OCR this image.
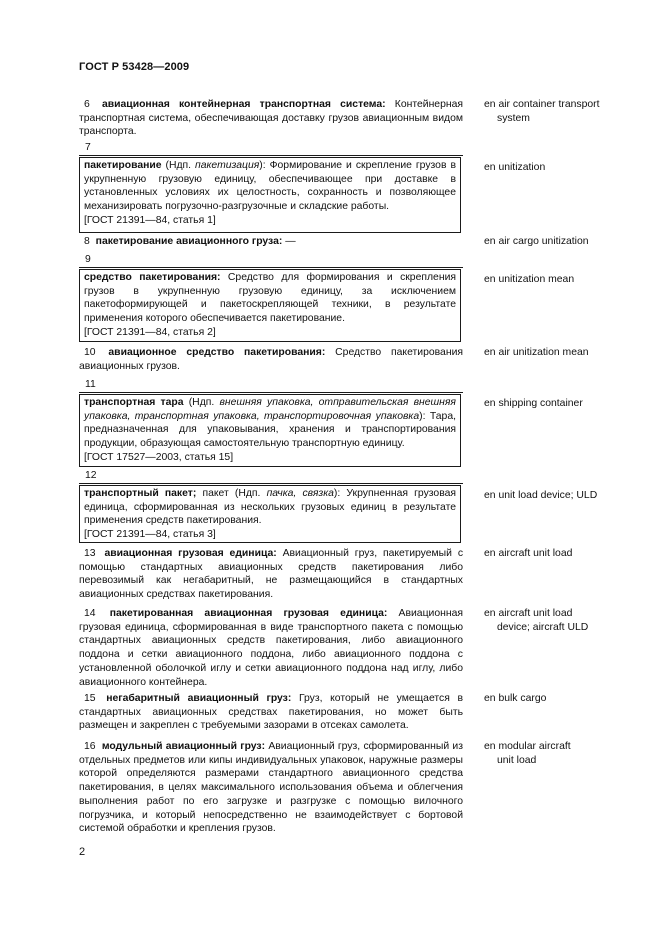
ГОСТ Р 53428—2009
6 авиационная контейнерная транспортная система: Контейнерная транспортная система, обеспечивающая доставку грузов авиационным видом транспорта.
en air container transport
system
7
пакетирование (Ндп. пакетизация): Формирование и скрепление грузов в укрупненную грузовую единицу, обеспечивающее при доставке в установленных условиях их целостность, сохранность и позволяющее механизировать погрузочно-разгрузочные и складские работы.
[ГОСТ 21391—84, статья 1]
en unitization
8 пакетирование авиационного груза: —	en air cargo unitization
9
средство пакетирования: Средство для формирования и скрепления грузов в укрупненную грузовую единицу, за исключением пакетоформирующей и пакетоскрепляющей техники, в результате применения которого обеспечивается пакетирование.
[ГОСТ 21391—84, статья 2]
en unitization mean
10 авиационное средство пакетирования: Средство пакетирования авиационных грузов.
en air unitization mean
11
транспортная тара (Ндп. внешняя упаковка, отправительская внешняя упаковка, транспортная упаковка, транспортировочная упаковка): Тара, предназначенная для упаковывания, хранения и транспортирования продукции, образующая самостоятельную транспортную единицу.
[ГОСТ 17527—2003, статья 15]
en shipping container
12
транспортный пакет; пакет (Ндп. пачка, связка): Укрупненная грузовая единица, сформированная из нескольких грузовых единиц в результате применения средств пакетирования.
[ГОСТ 21391—84, статья 3]
en unit load device; ULD
13 авиационная грузовая единица: Авиационный груз, пакетируемый с помощью стандартных авиационных средств пакетирования либо перевозимый как негабаритный, не размещающийся в стандартных авиационных средствах пакетирования.
en aircraft unit load
14 пакетированная авиационная грузовая единица: Авиационная грузовая единица, сформированная в виде транспортного пакета с помощью стандартных авиационных средств пакетирования, либо авиационного поддона и сетки авиационного поддона, либо авиационного поддона с установленной оболочкой иглу и сетки авиационного поддона над иглу, либо авиационного контейнера.
en aircraft unit load
device; aircraft ULD
15 негабаритный авиационный груз: Груз, который не умещается в стандартных авиационных средствах пакетирования, но может быть размещен и закреплен с требуемыми зазорами в отсеках самолета.
en bulk cargo
16 модульный авиационный груз: Авиационный груз, сформированный из отдельных предметов или кипы индивидуальных упаковок, наружные размеры которой определяются размерами стандартного авиационного средства пакетирования, в целях максимального использования объема и облегчения выполнения работ по его загрузке и разгрузке с помощью вилочного погрузчика, и который непосредственно не взаимодействует с бортовой системой обработки и крепления грузов.
en modular aircraft
unit load
2
